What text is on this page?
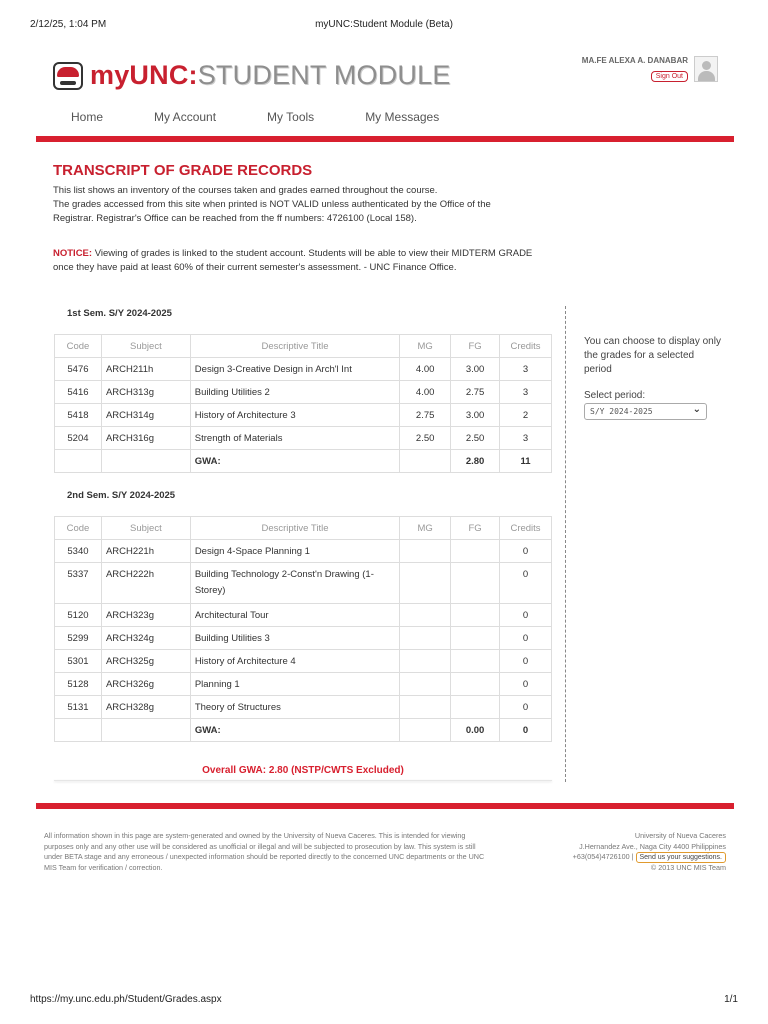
2/12/25, 1:04 PM	myUNC:Student Module (Beta)
myUNC:STUDENT MODULE	MA.FE ALEXA A. DANABAR
Sign Out
Home	My Account	My Tools	My Messages
TRANSCRIPT OF GRADE RECORDS
This list shows an inventory of the courses taken and grades earned throughout the course.
The grades accessed from this site when printed is NOT VALID unless authenticated by the Office of the Registrar. Registrar's Office can be reached from the ff numbers: 4726100 (Local 158).
NOTICE: Viewing of grades is linked to the student account. Students will be able to view their MIDTERM GRADE once they have paid at least 60% of their current semester's assessment. - UNC Finance Office.
1st Sem. S/Y 2024-2025
Code	Subject	Descriptive Title	MG	FG	Credits
5476	ARCH211h	Design 3-Creative Design in Arch'l Int	4.00	3.00	3
5416	ARCH313g	Building Utilities 2	4.00	2.75	3
5418	ARCH314g	History of Architecture 3	2.75	3.00	2
5204	ARCH316g	Strength of Materials	2.50	2.50	3
		GWA:		2.80	11
2nd Sem. S/Y 2024-2025
Code	Subject	Descriptive Title	MG	FG	Credits
5340	ARCH221h	Design 4-Space Planning 1			0
5337	ARCH222h	Building Technology 2-Const'n Drawing (1-Storey)			0
5120	ARCH323g	Architectural Tour			0
5299	ARCH324g	Building Utilities 3			0
5301	ARCH325g	History of Architecture 4			0
5128	ARCH326g	Planning 1			0
5131	ARCH328g	Theory of Structures			0
		GWA:		0.00	0
Overall GWA: 2.80 (NSTP/CWTS Excluded)
You can choose to display only the grades for a selected period
Select period:
S/Y 2024-2025	⌄
All information shown in this page are system-generated and owned by the University of Nueva Caceres. This is intended for viewing purposes only and any other use will be considered as unofficial or illegal and will be subjected to prosecution by law. This system is still under BETA stage and any erroneous / unexpected information should be reported directly to the concerned UNC departments or the UNC MIS Team for verification / correction.
University of Nueva Caceres
J.Hernandez Ave., Naga City 4400 Philippines
+63(054)4726100 | Send us your suggestions.
© 2013 UNC MIS Team
https://my.unc.edu.ph/Student/Grades.aspx	1/1
